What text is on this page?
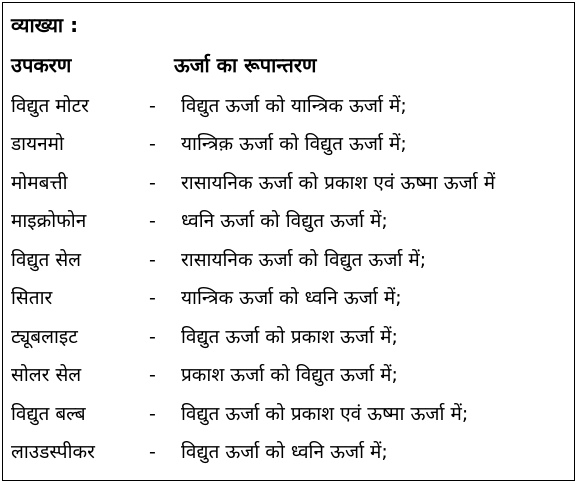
व्याख्या :
उपकरण	ऊर्जा का रूपान्तरण
विद्युत मोटर	- विद्युत ऊर्जा को यान्त्रिक ऊर्जा में;
डायनमो	- यान्त्रिक़ ऊर्जा को विद्युत ऊर्जा में;
मोमबत्ती	- रासायनिक ऊर्जा को प्रकाश एवं ऊष्मा ऊर्जा में
माइक्रोफोन	- ध्वनि ऊर्जा को विद्युत ऊर्जा में;
विद्युत सेल	- रासायनिक ऊर्जा को विद्युत ऊर्जा में;
सितार	- यान्त्रिक ऊर्जा को ध्वनि ऊर्जा में;
ट्यूबलाइट	- विद्युत ऊर्जा को प्रकाश ऊर्जा में;
सोलर सेल	- प्रकाश ऊर्जा को विद्युत ऊर्जा में;
विद्युत बल्ब	- विद्युत ऊर्जा को प्रकाश एवं ऊष्मा ऊर्जा में;
लाउडस्पीकर	- विद्युत ऊर्जा को ध्वनि ऊर्जा में;
